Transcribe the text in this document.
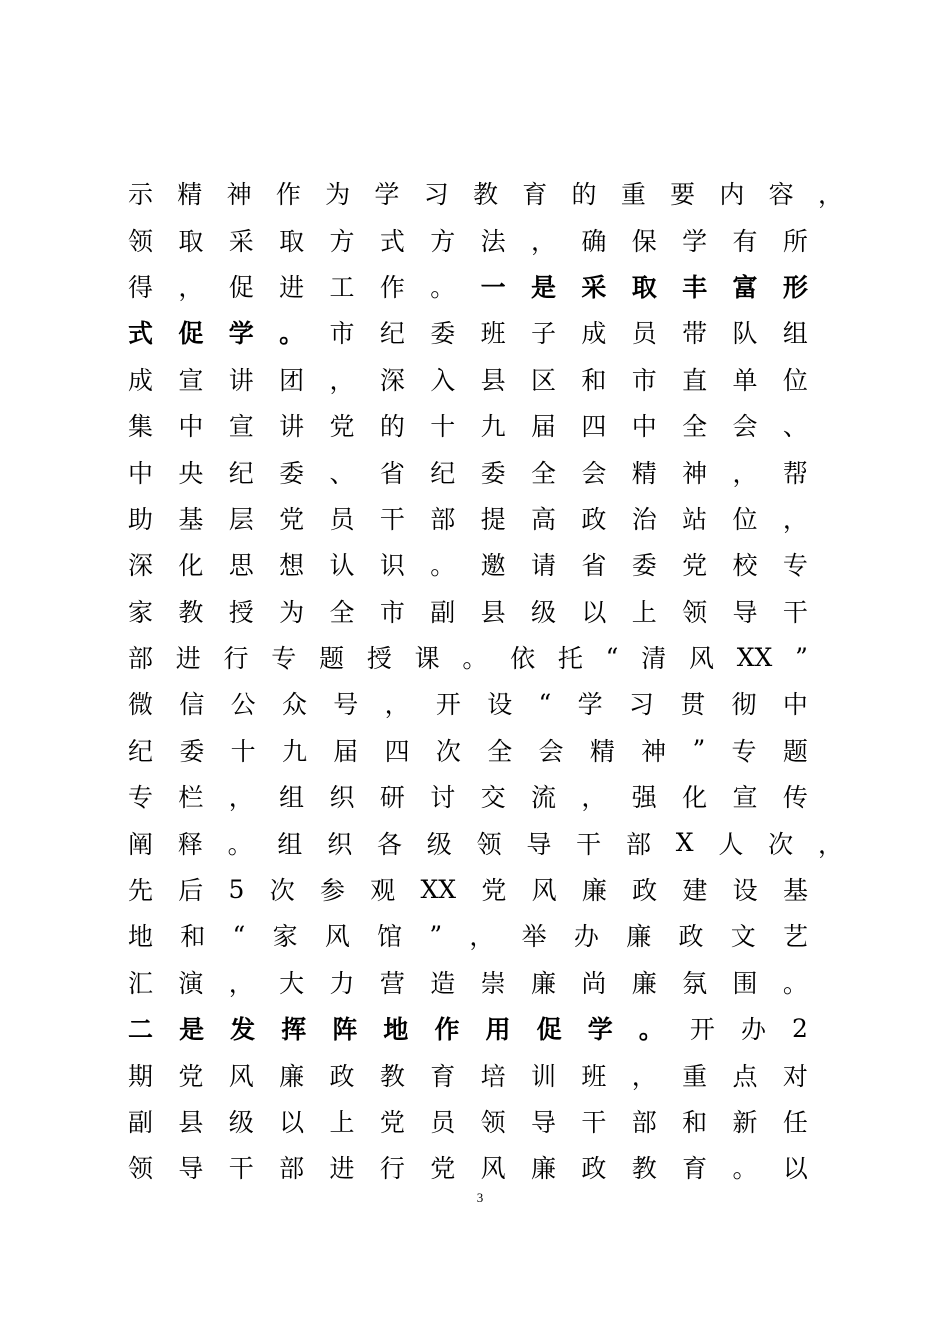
示 精 神 作 为 学 习 教 育 的 重 要 内 容 ，
领 取 采 取 方 式 方 法 ， 确 保 学 有 所
得 ， 促 进 工 作 。 一 是 采 取 丰 富 形
式 促 学 。 市 纪 委 班 子 成 员 带 队 组
成 宣 讲 团 ， 深 入 县 区 和 市 直 单 位
集 中 宣 讲 党 的 十 九 届 四 中 全 会 、
中 央 纪 委 、 省 纪 委 全 会 精 神 ， 帮
助 基 层 党 员 干 部 提 高 政 治 站 位 ，
深 化 思 想 认 识 。 邀 请 省 委 党 校 专
家 教 授 为 全 市 副 县 级 以 上 领 导 干
部 进 行 专 题 授 课 。 依 托 “ 清 风 XX ”
微 信 公 众 号 ， 开 设 “ 学 习 贯 彻 中
纪 委 十 九 届 四 次 全 会 精 神 ” 专 题
专 栏 ， 组 织 研 讨 交 流 ， 强 化 宣 传
阐 释 。 组 织 各 级 领 导 干 部 X 人 次 ，
先 后 5 次 参 观 XX 党 风 廉 政 建 设 基
地 和 “ 家 风 馆 ” ， 举 办 廉 政 文 艺
汇 演 ， 大 力 营 造 崇 廉 尚 廉 氛 围 。
二 是 发 挥 阵 地 作 用 促 学 。 开 办 2
期 党 风 廉 政 教 育 培 训 班 ， 重 点 对
副 县 级 以 上 党 员 领 导 干 部 和 新 任
领 导 干 部 进 行 党 风 廉 政 教 育 。 以
3
